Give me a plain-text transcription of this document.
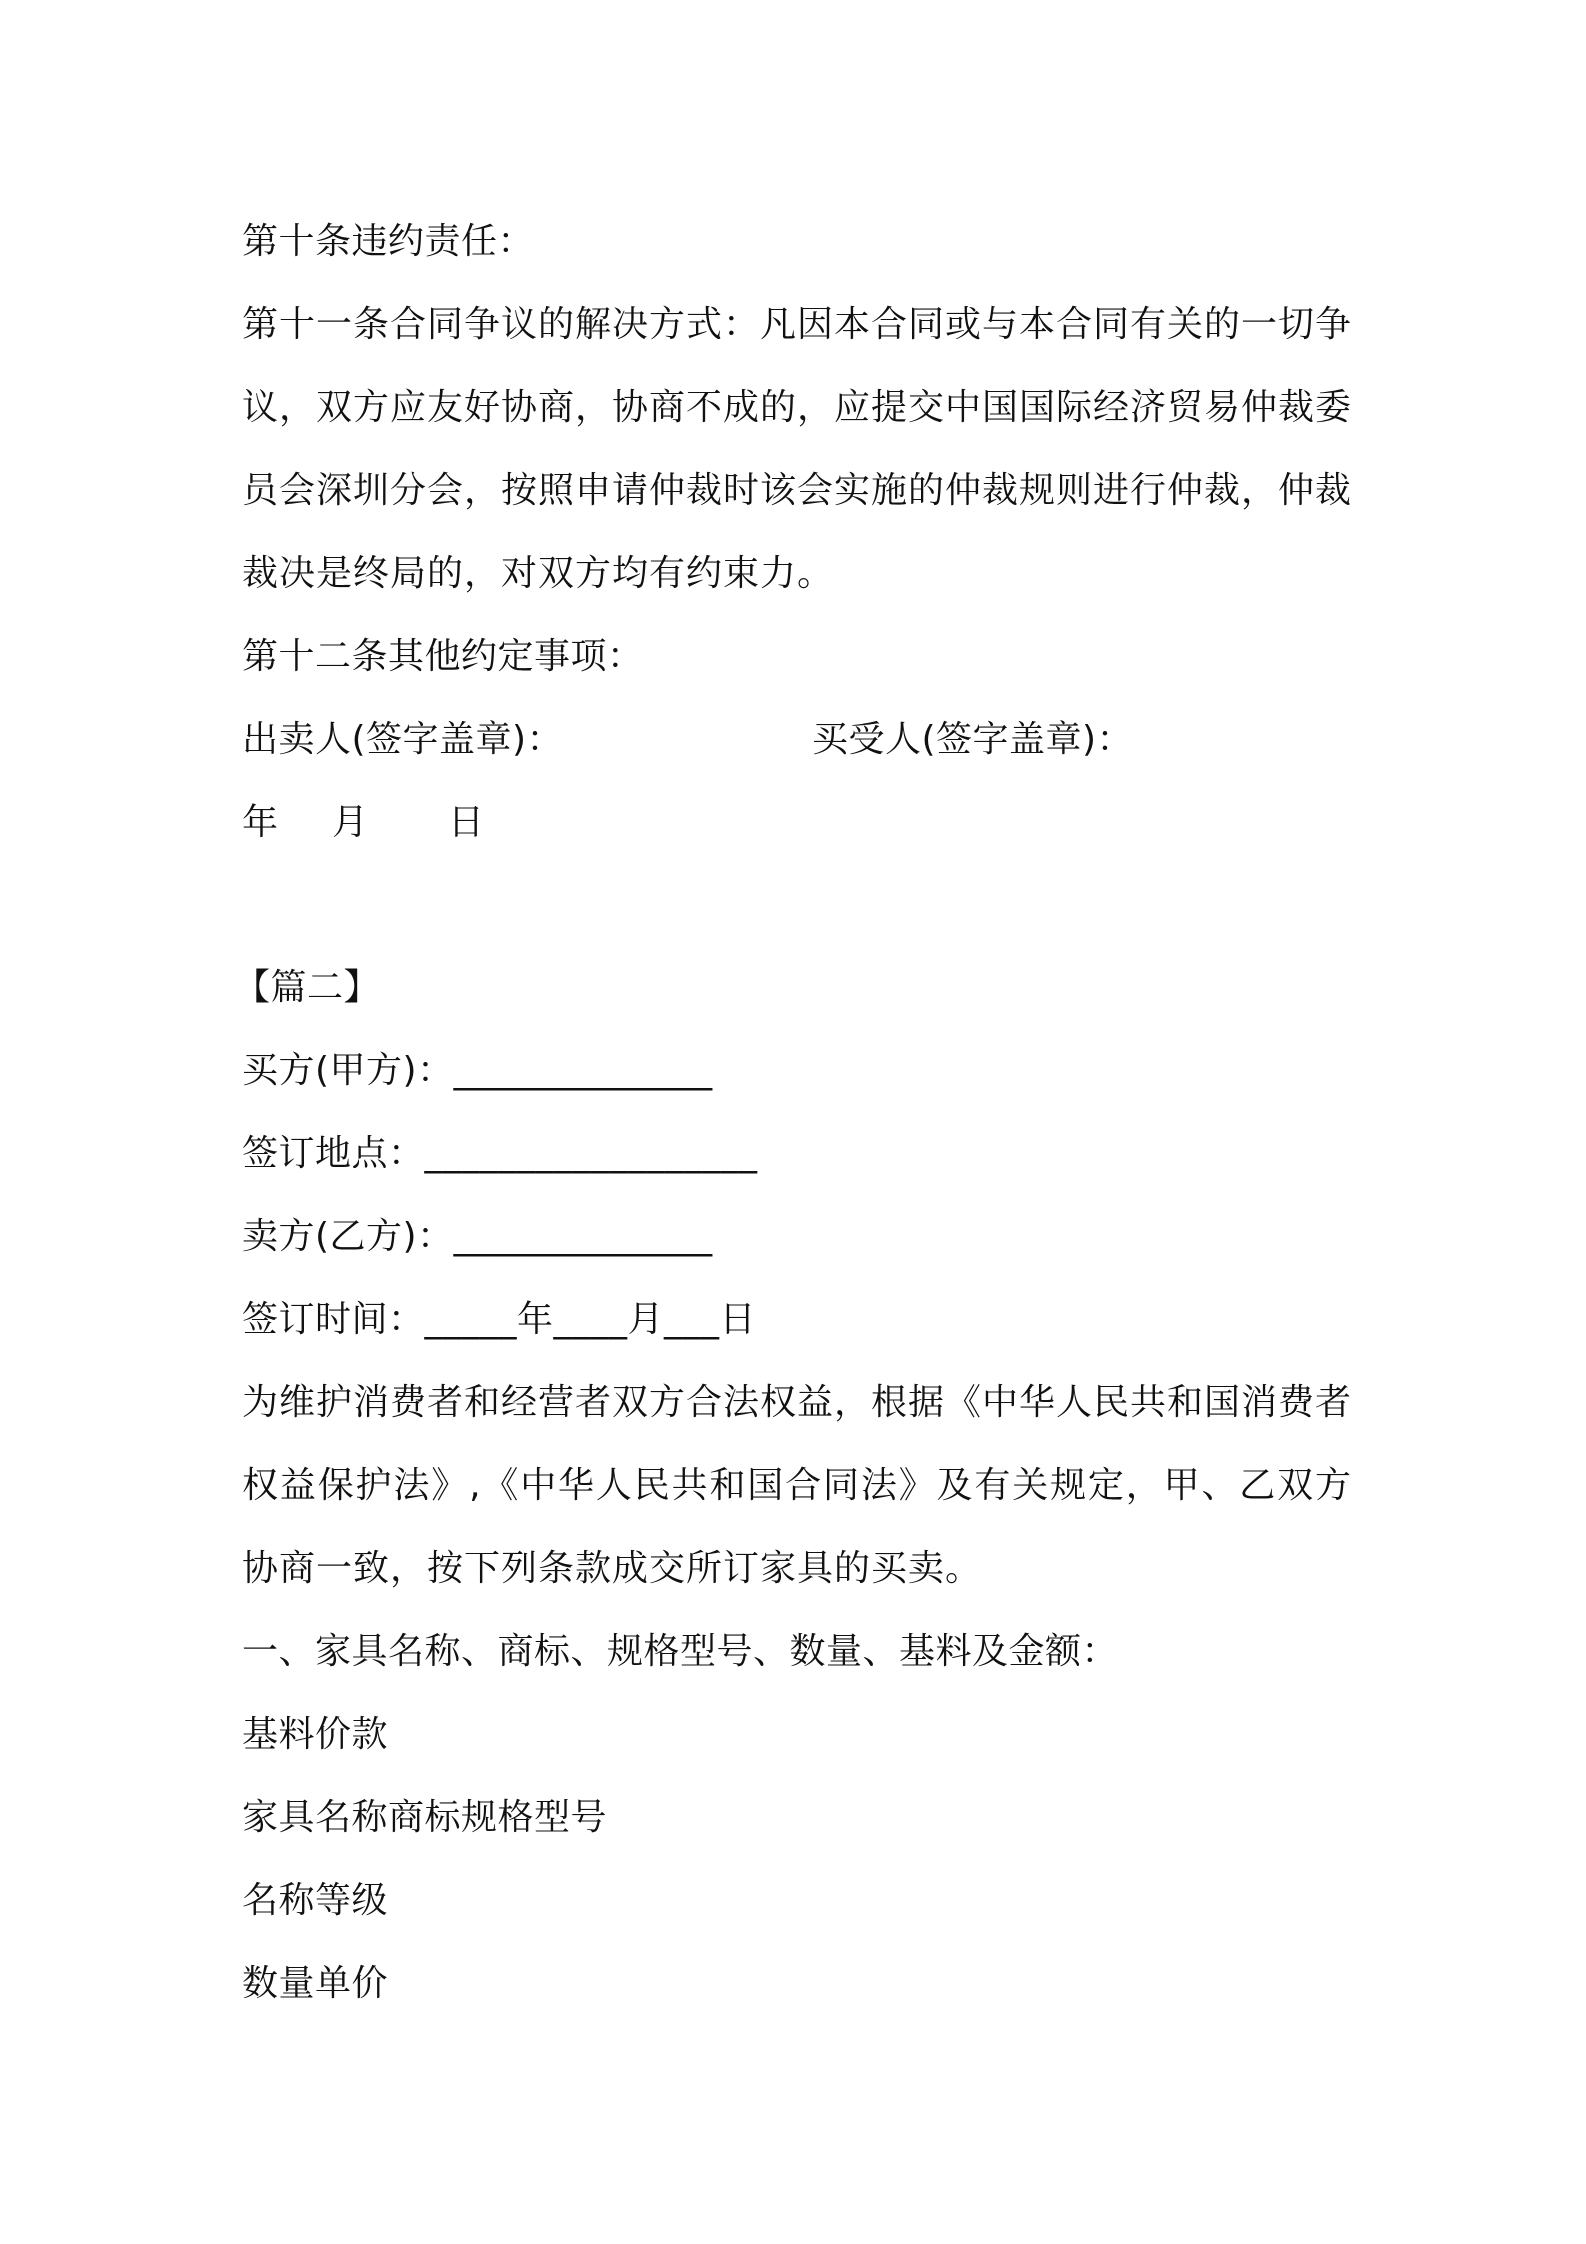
第十条违约责任：
第十一条合同争议的解决方式：凡因本合同或与本合同有关的一切争议，双方应友好协商，协商不成的，应提交中国国际经济贸易仲裁委员会深圳分会，按照申请仲裁时该会实施的仲裁规则进行仲裁，仲裁裁决是终局的，对双方均有约束力。
第十二条其他约定事项：
出卖人(签字盖章)：	买受人(签字盖章)：
年 月 日
【篇二】
买方(甲方)：______________
签订地点：__________________
卖方(乙方)：______________
签订时间：_____年____月___日
为维护消费者和经营者双方合法权益，根据《中华人民共和国消费者权益保护法》,《中华人民共和国合同法》及有关规定，甲、乙双方协商一致，按下列条款成交所订家具的买卖。
一、家具名称、商标、规格型号、数量、基料及金额：
基料价款
家具名称商标规格型号
名称等级
数量单价
